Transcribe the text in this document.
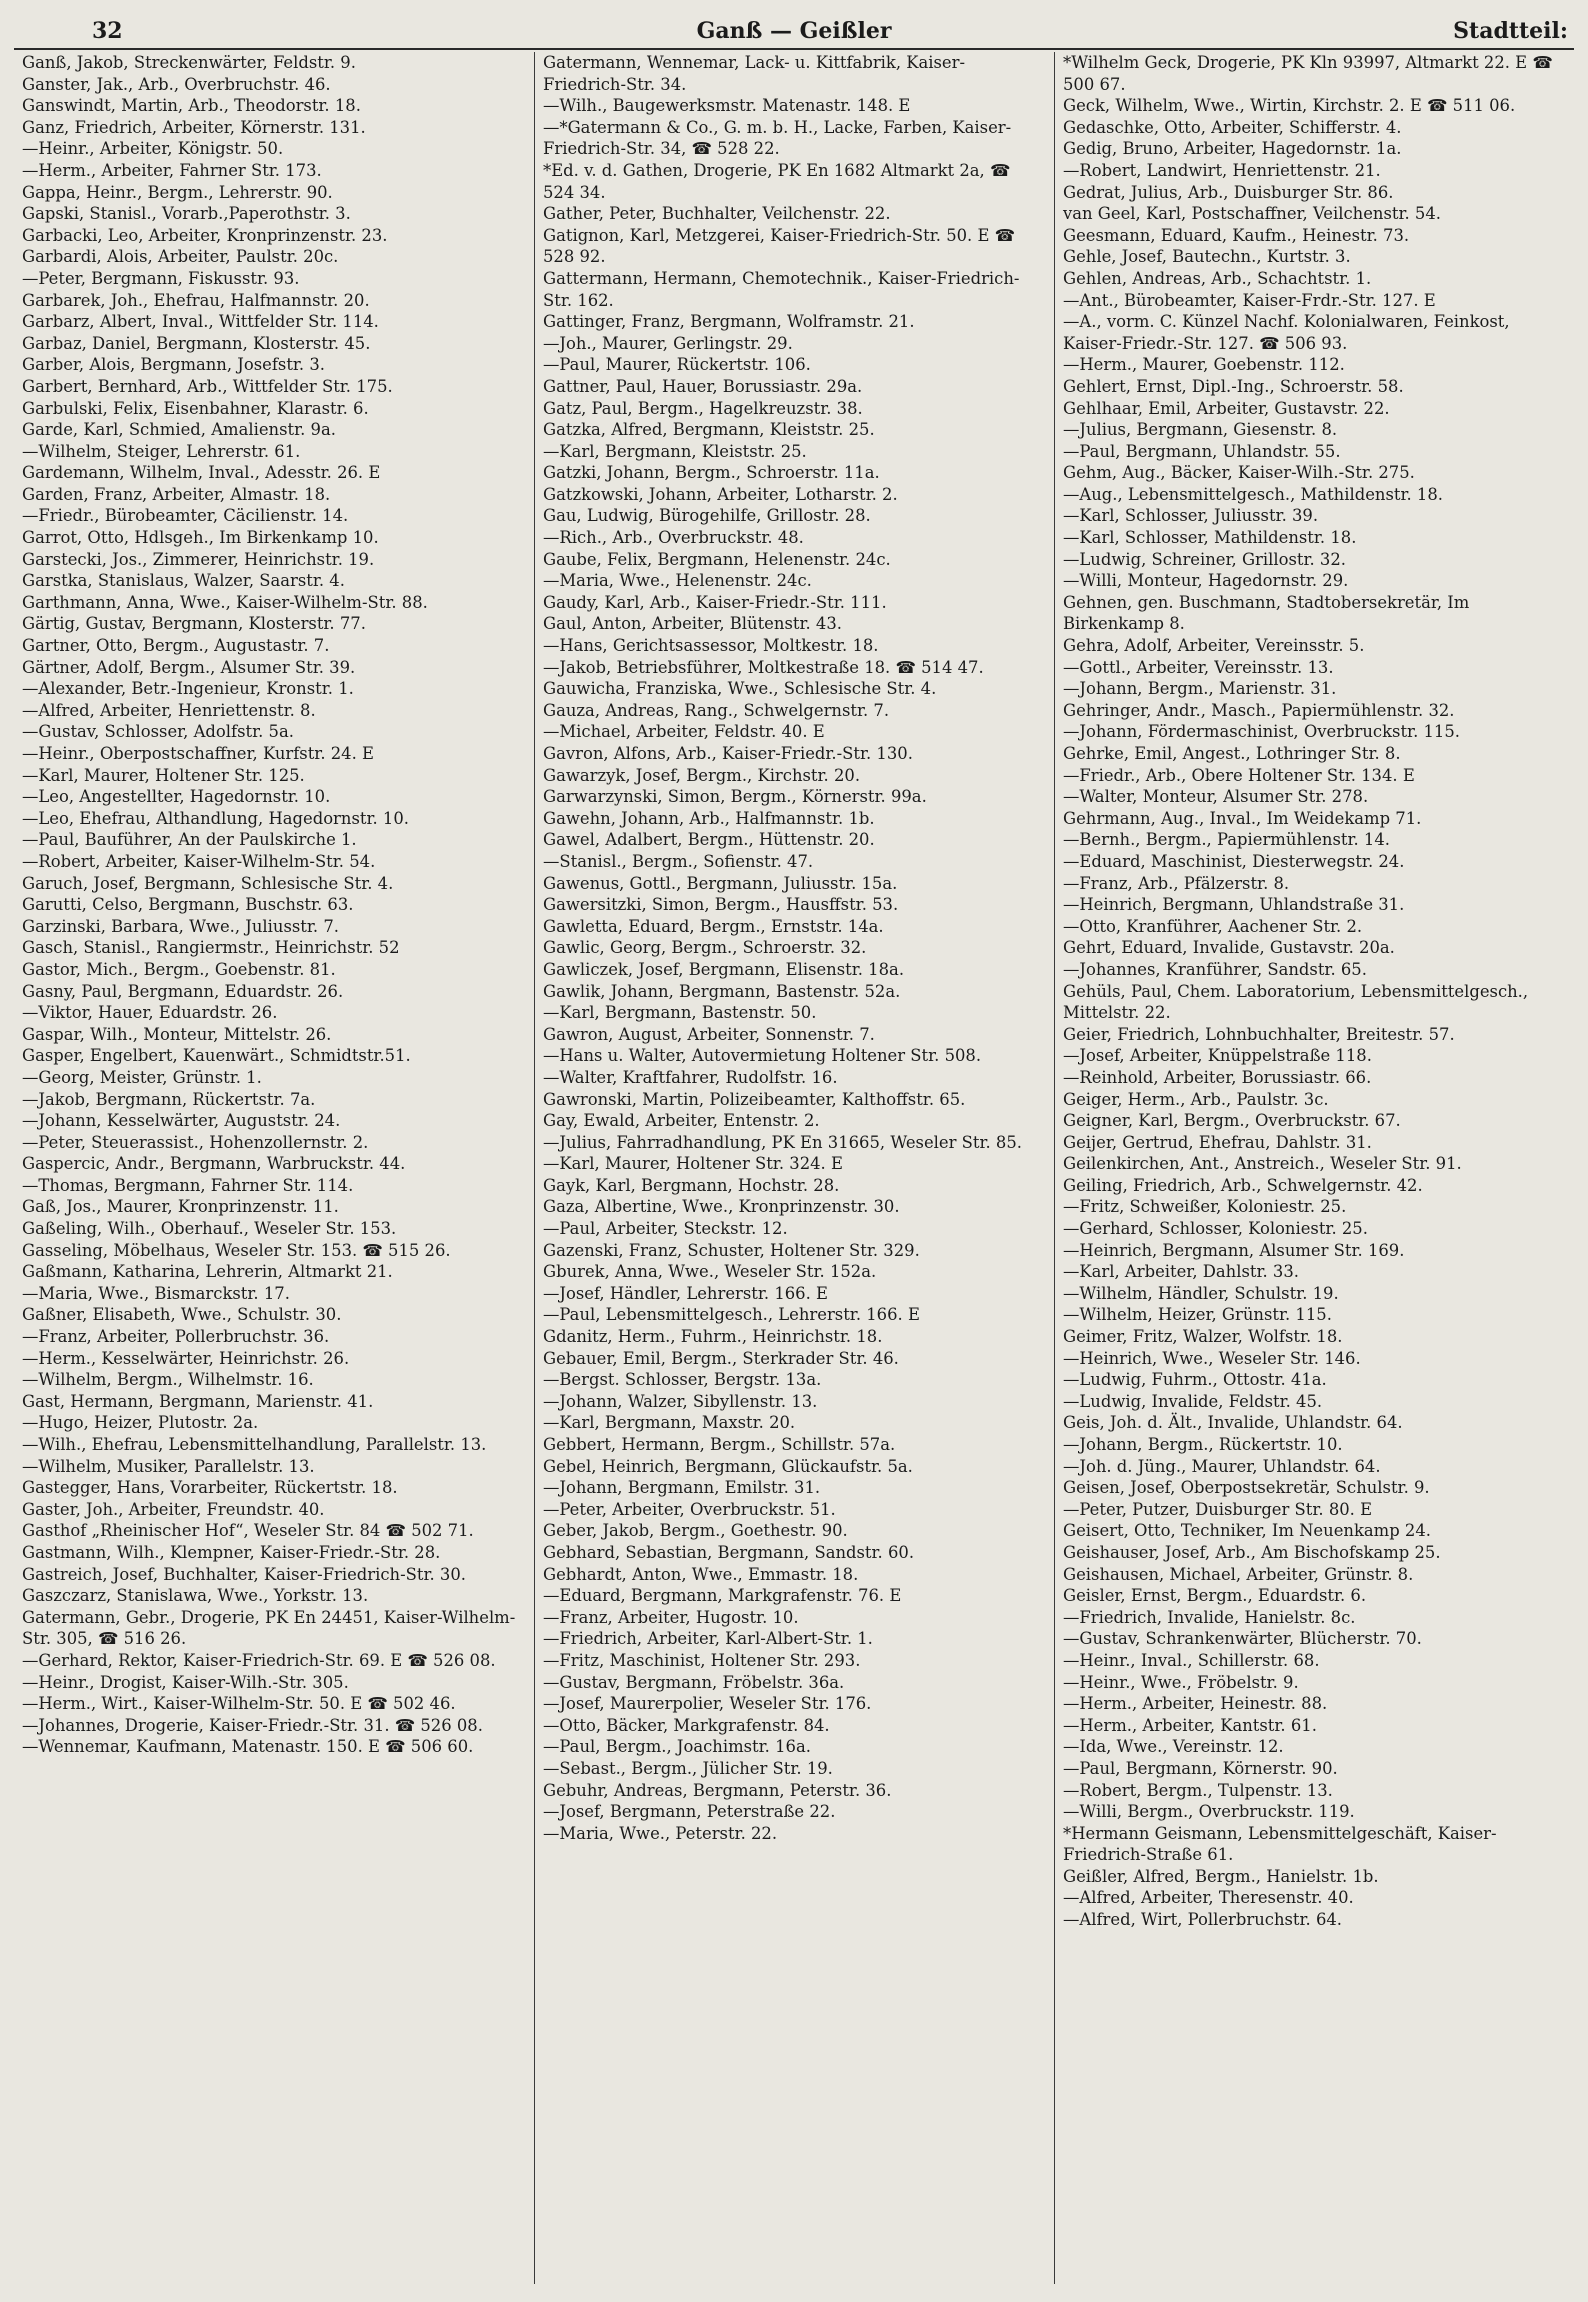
32	Ganß — Geißler	Stadtteil:

Ganß, Jakob, Streckenwärter, Feldstr. 9.

Ganster, Jak., Arb., Overbruchstr. 46.

Ganswindt, Martin, Arb., Theodorstr. 18.

Ganz, Friedrich, Arbeiter, Körnerstr. 131.

—Heinr., Arbeiter, Königstr. 50.

—Herm., Arbeiter, Fahrner Str. 173.

Gappa, Heinr., Bergm., Lehrerstr. 90.

Gapski, Stanisl., Vorarb.,Paperothstr. 3.

Garbacki, Leo, Arbeiter, Kronprinzenstr. 23.

Garbardi, Alois, Arbeiter, Paulstr. 20c.

—Peter, Bergmann, Fiskusstr. 93.

Garbarek, Joh., Ehefrau, Halfmannstr. 20.

Garbarz, Albert, Inval., Wittfelder Str. 114.

Garbaz, Daniel, Bergmann, Klosterstr. 45.

Garber, Alois, Bergmann, Josefstr. 3.

Garbert, Bernhard, Arb., Wittfelder Str. 175.

Garbulski, Felix, Eisenbahner, Klarastr. 6.

Garde, Karl, Schmied, Amalienstr. 9a.

—Wilhelm, Steiger, Lehrerstr. 61.

Gardemann, Wilhelm, Inval., Adesstr. 26. E

Garden, Franz, Arbeiter, Almastr. 18.

—Friedr., Bürobeamter, Cäcilienstr. 14.

Garrot, Otto, Hdlsgeh., Im Birkenkamp 10.

Garstecki, Jos., Zimmerer, Heinrichstr. 19.

Garstka, Stanislaus, Walzer, Saarstr. 4.

Garthmann, Anna, Wwe., Kaiser-Wilhelm-Str. 88.

Gärtig, Gustav, Bergmann, Klosterstr. 77.

Gartner, Otto, Bergm., Augustastr. 7.

Gärtner, Adolf, Bergm., Alsumer Str. 39.

—Alexander, Betr.-Ingenieur, Kronstr. 1.

—Alfred, Arbeiter, Henriettenstr. 8.

—Gustav, Schlosser, Adolfstr. 5a.

—Heinr., Oberpostschaffner, Kurfstr. 24. E

—Karl, Maurer, Holtener Str. 125.

—Leo, Angestellter, Hagedornstr. 10.

—Leo, Ehefrau, Althandlung, Hagedornstr. 10.

—Paul, Bauführer, An der Paulskirche 1.

—Robert, Arbeiter, Kaiser-Wilhelm-Str. 54.

Garuch, Josef, Bergmann, Schlesische Str. 4.

Garutti, Celso, Bergmann, Buschstr. 63.

Garzinski, Barbara, Wwe., Juliusstr. 7.

Gasch, Stanisl., Rangiermstr., Heinrichstr. 52

Gastor, Mich., Bergm., Goebenstr. 81.

Gasny, Paul, Bergmann, Eduardstr. 26.

—Viktor, Hauer, Eduardstr. 26.

Gaspar, Wilh., Monteur, Mittelstr. 26.

Gasper, Engelbert, Kauenwärt., Schmidtstr.51.

—Georg, Meister, Grünstr. 1.

—Jakob, Bergmann, Rückertstr. 7a.

—Johann, Kesselwärter, Auguststr. 24.

—Peter, Steuerassist., Hohenzollernstr. 2.

Gaspercic, Andr., Bergmann, Warbruckstr. 44.

—Thomas, Bergmann, Fahrner Str. 114.

Gaß, Jos., Maurer, Kronprinzenstr. 11.

Gaßeling, Wilh., Oberhauf., Weseler Str. 153.

Gasseling, Möbelhaus, Weseler Str. 153. ☎ 515 26.

Gaßmann, Katharina, Lehrerin, Altmarkt 21.

—Maria, Wwe., Bismarckstr. 17.

Gaßner, Elisabeth, Wwe., Schulstr. 30.

—Franz, Arbeiter, Pollerbruchstr. 36.

—Herm., Kesselwärter, Heinrichstr. 26.

—Wilhelm, Bergm., Wilhelmstr. 16.

Gast, Hermann, Bergmann, Marienstr. 41.

—Hugo, Heizer, Plutostr. 2a.

—Wilh., Ehefrau, Lebensmittelhandlung, Parallelstr. 13.

—Wilhelm, Musiker, Parallelstr. 13.

Gastegger, Hans, Vorarbeiter, Rückertstr. 18.

Gaster, Joh., Arbeiter, Freundstr. 40.

Gasthof „Rheinischer Hof“, Weseler Str. 84 ☎ 502 71.

Gastmann, Wilh., Klempner, Kaiser-Friedr.-Str. 28.

Gastreich, Josef, Buchhalter, Kaiser-Friedrich-Str. 30.

Gaszczarz, Stanislawa, Wwe., Yorkstr. 13.

Gatermann, Gebr., Drogerie, PK En 24451, Kaiser-Wilhelm-Str. 305, ☎ 516 26.

—Gerhard, Rektor, Kaiser-Friedrich-Str. 69. E ☎ 526 08.

—Heinr., Drogist, Kaiser-Wilh.-Str. 305.

—Herm., Wirt., Kaiser-Wilhelm-Str. 50. E ☎ 502 46.

—Johannes, Drogerie, Kaiser-Friedr.-Str. 31. ☎ 526 08.

—Wennemar, Kaufmann, Matenastr. 150. E ☎ 506 60.

Gatermann, Wennemar, Lack- u. Kittfabrik, Kaiser-Friedrich-Str. 34.

—Wilh., Baugewerksmstr. Matenastr. 148. E

—*Gatermann & Co., G. m. b. H., Lacke, Farben, Kaiser-Friedrich-Str. 34, ☎ 528 22.

*Ed. v. d. Gathen, Drogerie, PK En 1682 Altmarkt 2a, ☎ 524 34.

Gather, Peter, Buchhalter, Veilchenstr. 22.

Gatignon, Karl, Metzgerei, Kaiser-Friedrich-Str. 50. E ☎ 528 92.

Gattermann, Hermann, Chemotechnik., Kaiser-Friedrich-Str. 162.

Gattinger, Franz, Bergmann, Wolframstr. 21.

—Joh., Maurer, Gerlingstr. 29.

—Paul, Maurer, Rückertstr. 106.

Gattner, Paul, Hauer, Borussiastr. 29a.

Gatz, Paul, Bergm., Hagelkreuzstr. 38.

Gatzka, Alfred, Bergmann, Kleiststr. 25.

—Karl, Bergmann, Kleiststr. 25.

Gatzki, Johann, Bergm., Schroerstr. 11a.

Gatzkowski, Johann, Arbeiter, Lotharstr. 2.

Gau, Ludwig, Bürogehilfe, Grillostr. 28.

—Rich., Arb., Overbruckstr. 48.

Gaube, Felix, Bergmann, Helenenstr. 24c.

—Maria, Wwe., Helenenstr. 24c.

Gaudy, Karl, Arb., Kaiser-Friedr.-Str. 111.

Gaul, Anton, Arbeiter, Blütenstr. 43.

—Hans, Gerichtsassessor, Moltkestr. 18.

—Jakob, Betriebsführer, Moltkestraße 18. ☎ 514 47.

Gauwicha, Franziska, Wwe., Schlesische Str. 4.

Gauza, Andreas, Rang., Schwelgernstr. 7.

—Michael, Arbeiter, Feldstr. 40. E

Gavron, Alfons, Arb., Kaiser-Friedr.-Str. 130.

Gawarzyk, Josef, Bergm., Kirchstr. 20.

Garwarzynski, Simon, Bergm., Körnerstr. 99a.

Gawehn, Johann, Arb., Halfmannstr. 1b.

Gawel, Adalbert, Bergm., Hüttenstr. 20.

—Stanisl., Bergm., Sofienstr. 47.

Gawenus, Gottl., Bergmann, Juliusstr. 15a.

Gawersitzki, Simon, Bergm., Hausffstr. 53.

Gawletta, Eduard, Bergm., Ernststr. 14a.

Gawlic, Georg, Bergm., Schroerstr. 32.

Gawliczek, Josef, Bergmann, Elisenstr. 18a.

Gawlik, Johann, Bergmann, Bastenstr. 52a.

—Karl, Bergmann, Bastenstr. 50.

Gawron, August, Arbeiter, Sonnenstr. 7.

—Hans u. Walter, Autovermietung Holtener Str. 508.

—Walter, Kraftfahrer, Rudolfstr. 16.

Gawronski, Martin, Polizeibeamter, Kalthoffstr. 65.

Gay, Ewald, Arbeiter, Entenstr. 2.

—Julius, Fahrradhandlung, PK En 31665, Weseler Str. 85.

—Karl, Maurer, Holtener Str. 324. E

Gayk, Karl, Bergmann, Hochstr. 28.

Gaza, Albertine, Wwe., Kronprinzenstr. 30.

—Paul, Arbeiter, Steckstr. 12.

Gazenski, Franz, Schuster, Holtener Str. 329.

Gburek, Anna, Wwe., Weseler Str. 152a.

—Josef, Händler, Lehrerstr. 166. E

—Paul, Lebensmittelgesch., Lehrerstr. 166. E

Gdanitz, Herm., Fuhrm., Heinrichstr. 18.

Gebauer, Emil, Bergm., Sterkrader Str. 46.

—Bergst. Schlosser, Bergstr. 13a.

—Johann, Walzer, Sibyllenstr. 13.

—Karl, Bergmann, Maxstr. 20.

Gebbert, Hermann, Bergm., Schillstr. 57a.

Gebel, Heinrich, Bergmann, Glückaufstr. 5a.

—Johann, Bergmann, Emilstr. 31.

—Peter, Arbeiter, Overbruckstr. 51.

Geber, Jakob, Bergm., Goethestr. 90.

Gebhard, Sebastian, Bergmann, Sandstr. 60.

Gebhardt, Anton, Wwe., Emmastr. 18.

—Eduard, Bergmann, Markgrafenstr. 76. E

—Franz, Arbeiter, Hugostr. 10.

—Friedrich, Arbeiter, Karl-Albert-Str. 1.

—Fritz, Maschinist, Holtener Str. 293.

—Gustav, Bergmann, Fröbelstr. 36a.

—Josef, Maurerpolier, Weseler Str. 176.

—Otto, Bäcker, Markgrafenstr. 84.

—Paul, Bergm., Joachimstr. 16a.

—Sebast., Bergm., Jülicher Str. 19.

Gebuhr, Andreas, Bergmann, Peterstr. 36.

—Josef, Bergmann, Peterstraße 22.

—Maria, Wwe., Peterstr. 22.

*Wilhelm Geck, Drogerie, PK Kln 93997, Altmarkt 22. E ☎ 500 67.

Geck, Wilhelm, Wwe., Wirtin, Kirchstr. 2. E ☎ 511 06.

Gedaschke, Otto, Arbeiter, Schifferstr. 4.

Gedig, Bruno, Arbeiter, Hagedornstr. 1a.

—Robert, Landwirt, Henriettenstr. 21.

Gedrat, Julius, Arb., Duisburger Str. 86.

van Geel, Karl, Postschaffner, Veilchenstr. 54.

Geesmann, Eduard, Kaufm., Heinestr. 73.

Gehle, Josef, Bautechn., Kurtstr. 3.

Gehlen, Andreas, Arb., Schachtstr. 1.

—Ant., Bürobeamter, Kaiser-Frdr.-Str. 127. E

—A., vorm. C. Künzel Nachf. Kolonialwaren, Feinkost, Kaiser-Friedr.-Str. 127. ☎ 506 93.

—Herm., Maurer, Goebenstr. 112.

Gehlert, Ernst, Dipl.-Ing., Schroerstr. 58.

Gehlhaar, Emil, Arbeiter, Gustavstr. 22.

—Julius, Bergmann, Giesenstr. 8.

—Paul, Bergmann, Uhlandstr. 55.

Gehm, Aug., Bäcker, Kaiser-Wilh.-Str. 275.

—Aug., Lebensmittelgesch., Mathildenstr. 18.

—Karl, Schlosser, Juliusstr. 39.

—Karl, Schlosser, Mathildenstr. 18.

—Ludwig, Schreiner, Grillostr. 32.

—Willi, Monteur, Hagedornstr. 29.

Gehnen, gen. Buschmann, Stadtobersekretär, Im Birkenkamp 8.

Gehra, Adolf, Arbeiter, Vereinsstr. 5.

—Gottl., Arbeiter, Vereinsstr. 13.

—Johann, Bergm., Marienstr. 31.

Gehringer, Andr., Masch., Papiermühlenstr. 32.

—Johann, Fördermaschinist, Overbruckstr. 115.

Gehrke, Emil, Angest., Lothringer Str. 8.

—Friedr., Arb., Obere Holtener Str. 134. E

—Walter, Monteur, Alsumer Str. 278.

Gehrmann, Aug., Inval., Im Weidekamp 71.

—Bernh., Bergm., Papiermühlenstr. 14.

—Eduard, Maschinist, Diesterwegstr. 24.

—Franz, Arb., Pfälzerstr. 8.

—Heinrich, Bergmann, Uhlandstraße 31.

—Otto, Kranführer, Aachener Str. 2.

Gehrt, Eduard, Invalide, Gustavstr. 20a.

—Johannes, Kranführer, Sandstr. 65.

Gehüls, Paul, Chem. Laboratorium, Lebensmittelgesch., Mittelstr. 22.

Geier, Friedrich, Lohnbuchhalter, Breitestr. 57.

—Josef, Arbeiter, Knüppelstraße 118.

—Reinhold, Arbeiter, Borussiastr. 66.

Geiger, Herm., Arb., Paulstr. 3c.

Geigner, Karl, Bergm., Overbruckstr. 67.

Geijer, Gertrud, Ehefrau, Dahlstr. 31.

Geilenkirchen, Ant., Anstreich., Weseler Str. 91.

Geiling, Friedrich, Arb., Schwelgernstr. 42.

—Fritz, Schweißer, Koloniestr. 25.

—Gerhard, Schlosser, Koloniestr. 25.

—Heinrich, Bergmann, Alsumer Str. 169.

—Karl, Arbeiter, Dahlstr. 33.

—Wilhelm, Händler, Schulstr. 19.

—Wilhelm, Heizer, Grünstr. 115.

Geimer, Fritz, Walzer, Wolfstr. 18.

—Heinrich, Wwe., Weseler Str. 146.

—Ludwig, Fuhrm., Ottostr. 41a.

—Ludwig, Invalide, Feldstr. 45.

Geis, Joh. d. Ält., Invalide, Uhlandstr. 64.

—Johann, Bergm., Rückertstr. 10.

—Joh. d. Jüng., Maurer, Uhlandstr. 64.

Geisen, Josef, Oberpostsekretär, Schulstr. 9.

—Peter, Putzer, Duisburger Str. 80. E

Geisert, Otto, Techniker, Im Neuenkamp 24.

Geishauser, Josef, Arb., Am Bischofskamp 25.

Geishausen, Michael, Arbeiter, Grünstr. 8.

Geisler, Ernst, Bergm., Eduardstr. 6.

—Friedrich, Invalide, Hanielstr. 8c.

—Gustav, Schrankenwärter, Blücherstr. 70.

—Heinr., Inval., Schillerstr. 68.

—Heinr., Wwe., Fröbelstr. 9.

—Herm., Arbeiter, Heinestr. 88.

—Herm., Arbeiter, Kantstr. 61.

—Ida, Wwe., Vereinstr. 12.

—Paul, Bergmann, Körnerstr. 90.

—Robert, Bergm., Tulpenstr. 13.

—Willi, Bergm., Overbruckstr. 119.

*Hermann Geismann, Lebensmittelgeschäft, Kaiser-Friedrich-Straße 61.

Geißler, Alfred, Bergm., Hanielstr. 1b.

—Alfred, Arbeiter, Theresenstr. 40.

—Alfred, Wirt, Pollerbruchstr. 64.
